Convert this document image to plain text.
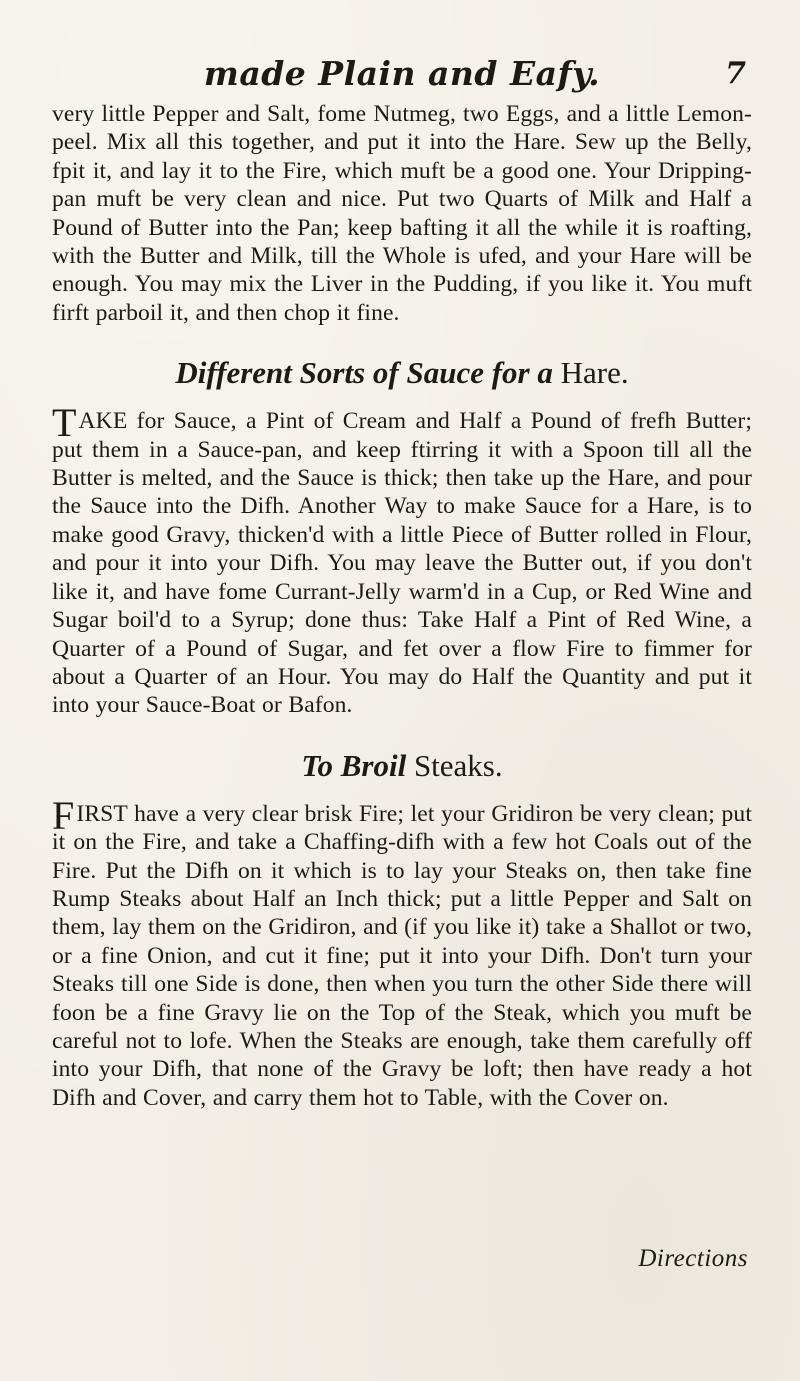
made Plain and Eafy.	7

very little Pepper and Salt, fome Nutmeg, two Eggs, and a little Lemon-peel. Mix all this together, and put it into the Hare. Sew up the Belly, fpit it, and lay it to the Fire, which muft be a good one. Your Dripping-pan muft be very clean and nice. Put two Quarts of Milk and Half a Pound of Butter into the Pan; keep bafting it all the while it is roafting, with the Butter and Milk, till the Whole is ufed, and your Hare will be enough. You may mix the Liver in the Pudding, if you like it. You muft firft parboil it, and then chop it fine.

Different Sorts of Sauce for a Hare.

TAKE for Sauce, a Pint of Cream and Half a Pound of frefh Butter; put them in a Sauce-pan, and keep ftirring it with a Spoon till all the Butter is melted, and the Sauce is thick; then take up the Hare, and pour the Sauce into the Difh. Another Way to make Sauce for a Hare, is to make good Gravy, thicken'd with a little Piece of Butter rolled in Flour, and pour it into your Difh. You may leave the Butter out, if you don't like it, and have fome Currant-Jelly warm'd in a Cup, or Red Wine and Sugar boil'd to a Syrup; done thus: Take Half a Pint of Red Wine, a Quarter of a Pound of Sugar, and fet over a flow Fire to fimmer for about a Quarter of an Hour. You may do Half the Quantity and put it into your Sauce-Boat or Bafon.

To Broil Steaks.

FIRST have a very clear brisk Fire; let your Gridiron be very clean; put it on the Fire, and take a Chaffing-difh with a few hot Coals out of the Fire. Put the Difh on it which is to lay your Steaks on, then take fine Rump Steaks about Half an Inch thick; put a little Pepper and Salt on them, lay them on the Gridiron, and (if you like it) take a Shallot or two, or a fine Onion, and cut it fine; put it into your Difh. Don't turn your Steaks till one Side is done, then when you turn the other Side there will foon be a fine Gravy lie on the Top of the Steak, which you muft be careful not to lofe. When the Steaks are enough, take them carefully off into your Difh, that none of the Gravy be loft; then have ready a hot Difh and Cover, and carry them hot to Table, with the Cover on.

Directions
